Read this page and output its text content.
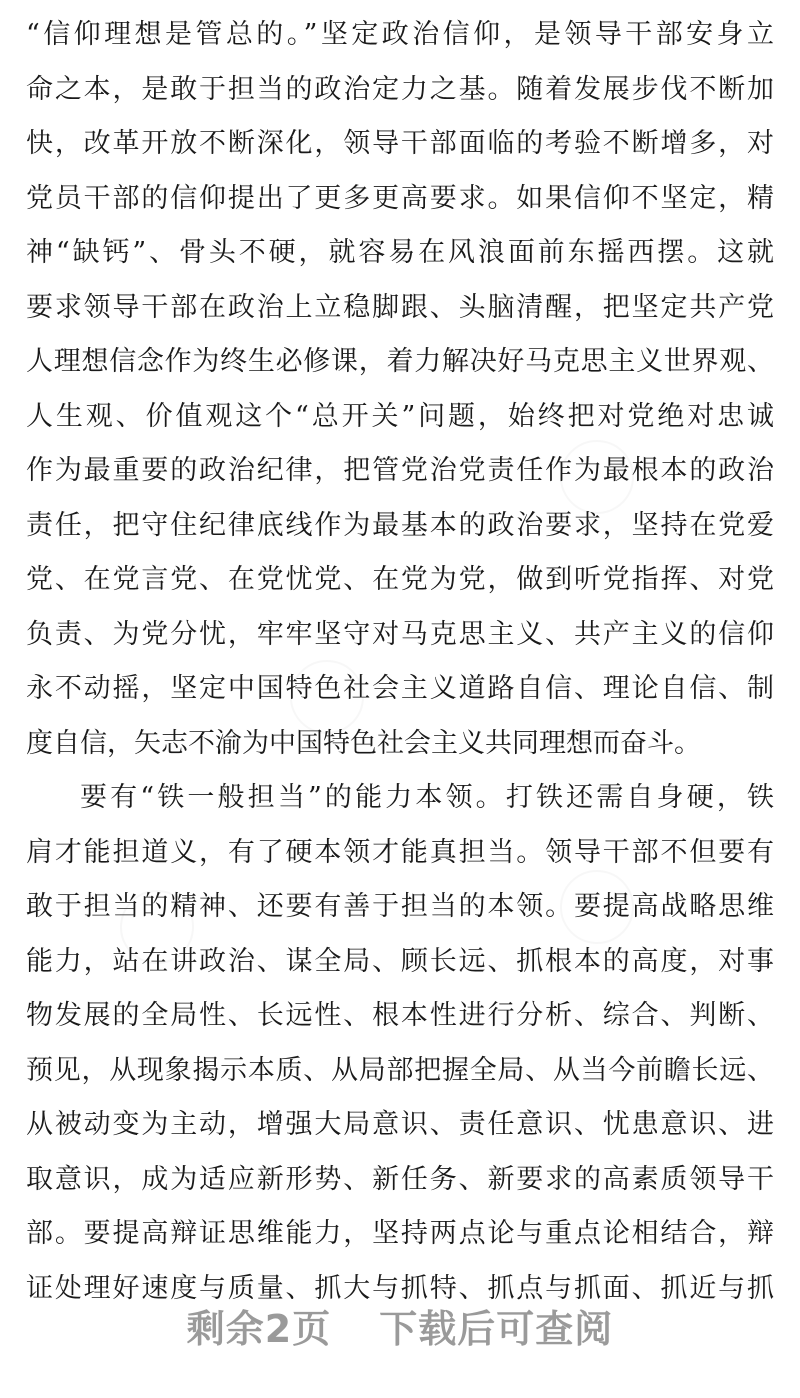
“信仰理想是管总的。”坚定政治信仰，是领导干部安身立
命之本，是敢于担当的政治定力之基。随着发展步伐不断加
快，改革开放不断深化，领导干部面临的考验不断增多，对
党员干部的信仰提出了更多更高要求。如果信仰不坚定，精
神“缺钙”、骨头不硬，就容易在风浪面前东摇西摆。这就
要求领导干部在政治上立稳脚跟、头脑清醒，把坚定共产党
人理想信念作为终生必修课，着力解决好马克思主义世界观、
人生观、价值观这个“总开关”问题，始终把对党绝对忠诚
作为最重要的政治纪律，把管党治党责任作为最根本的政治
责任，把守住纪律底线作为最基本的政治要求，坚持在党爱
党、在党言党、在党忧党、在党为党，做到听党指挥、对党
负责、为党分忧，牢牢坚守对马克思主义、共产主义的信仰
永不动摇，坚定中国特色社会主义道路自信、理论自信、制
度自信，矢志不渝为中国特色社会主义共同理想而奋斗。
要有“铁一般担当”的能力本领。打铁还需自身硬，铁
肩才能担道义，有了硬本领才能真担当。领导干部不但要有
敢于担当的精神、还要有善于担当的本领。要提高战略思维
能力，站在讲政治、谋全局、顾长远、抓根本的高度，对事
物发展的全局性、长远性、根本性进行分析、综合、判断、
预见，从现象揭示本质、从局部把握全局、从当今前瞻长远、
从被动变为主动，增强大局意识、责任意识、忧患意识、进
取意识，成为适应新形势、新任务、新要求的高素质领导干
部。要提高辩证思维能力，坚持两点论与重点论相结合，辩
证处理好速度与质量、抓大与抓特、抓点与抓面、抓近与抓
剩余2页 下载后可查阅
